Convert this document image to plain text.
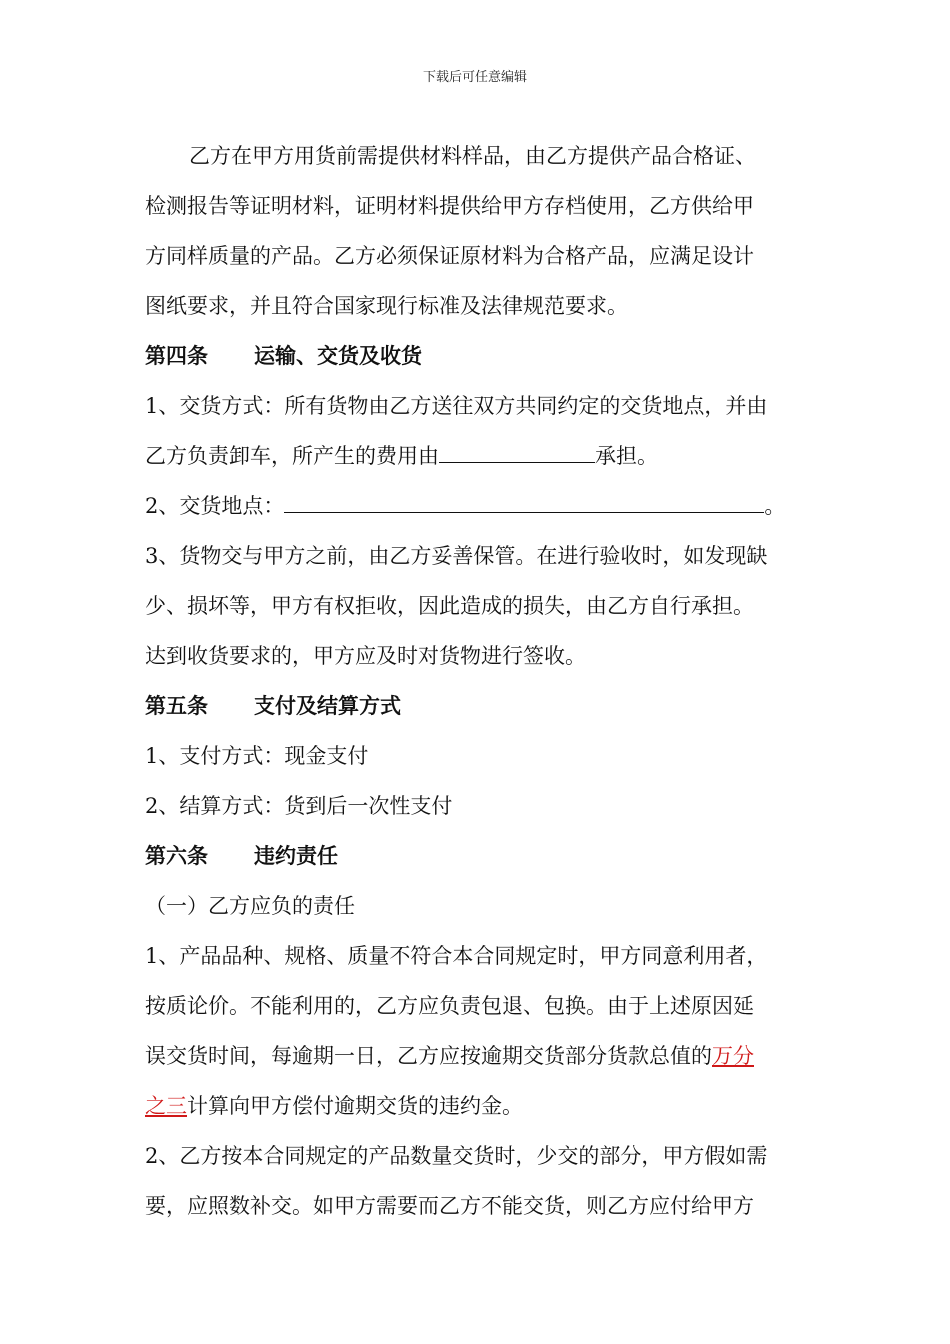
下载后可任意编辑

乙方在甲方用货前需提供材料样品，由乙方提供产品合格证、

检测报告等证明材料，证明材料提供给甲方存档使用，乙方供给甲

方同样质量的产品。乙方必须保证原材料为合格产品，应满足设计

图纸要求，并且符合国家现行标准及法律规范要求。

第四条 运输、交货及收货

1、交货方式：所有货物由乙方送往双方共同约定的交货地点，并由

乙方负责卸车，所产生的费用由	承担。

2、交货地点：	。

3、货物交与甲方之前，由乙方妥善保管。在进行验收时，如发现缺

少、损坏等，甲方有权拒收，因此造成的损失，由乙方自行承担。

达到收货要求的，甲方应及时对货物进行签收。

第五条 支付及结算方式

1、支付方式：现金支付

2、结算方式：货到后一次性支付

第六条 违约责任

（一）乙方应负的责任

1、产品品种、规格、质量不符合本合同规定时，甲方同意利用者，

按质论价。不能利用的，乙方应负责包退、包换。由于上述原因延

误交货时间，每逾期一日，乙方应按逾期交货部分货款总值的万分

之三计算向甲方偿付逾期交货的违约金。

2、乙方按本合同规定的产品数量交货时，少交的部分，甲方假如需

要，应照数补交。如甲方需要而乙方不能交货，则乙方应付给甲方
